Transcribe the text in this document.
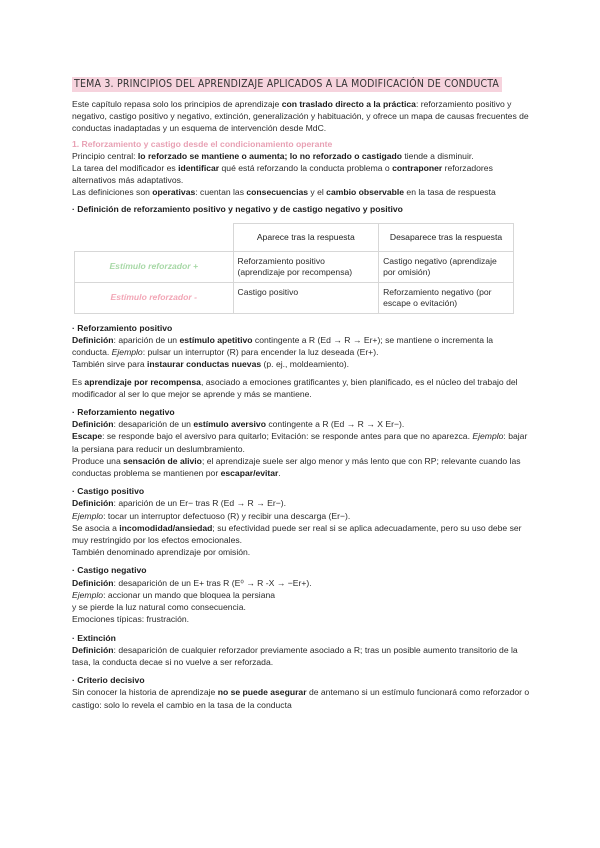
TEMA 3. PRINCIPIOS DEL APRENDIZAJE APLICADOS A LA MODIFICACIÓN DE CONDUCTA

Este capítulo repasa solo los principios de aprendizaje con traslado directo a la práctica: reforzamiento positivo y negativo, castigo positivo y negativo, extinción, generalización y habituación, y ofrece un mapa de causas frecuentes de conductas inadaptadas y un esquema de intervención desde MdC.

1. Reforzamiento y castigo desde el condicionamiento operante

Principio central: lo reforzado se mantiene o aumenta; lo no reforzado o castigado tiende a disminuir.

La tarea del modificador es identificar qué está reforzando la conducta problema o contraponer reforzadores alternativos más adaptativos.

Las definiciones son operativas: cuentan las consecuencias y el cambio observable en la tasa de respuesta

· Definición de reforzamiento positivo y negativo y de castigo negativo y positivo

	Aparece tras la respuesta	Desaparece tras la respuesta
Estímulo reforzador +	Reforzamiento positivo (aprendizaje por recompensa)	Castigo negativo (aprendizaje por omisión)
Estímulo reforzador -	Castigo positivo	Reforzamiento negativo (por escape o evitación)

· Reforzamiento positivo

Definición: aparición de un estímulo apetitivo contingente a R (Ed → R → Er+); se mantiene o incrementa la conducta. Ejemplo: pulsar un interruptor (R) para encender la luz deseada (Er+).

También sirve para instaurar conductas nuevas (p. ej., moldeamiento).

Es aprendizaje por recompensa, asociado a emociones gratificantes y, bien planificado, es el núcleo del trabajo del modificador al ser lo que mejor se aprende y más se mantiene.

· Reforzamiento negativo

Definición: desaparición de un estímulo aversivo contingente a R (Ed → R → X Er−).

Escape: se responde bajo el aversivo para quitarlo; Evitación: se responde antes para que no aparezca. Ejemplo: bajar la persiana para reducir un deslumbramiento.

Produce una sensación de alivio; el aprendizaje suele ser algo menor y más lento que con RP; relevante cuando las conductas problema se mantienen por escapar/evitar.

· Castigo positivo

Definición: aparición de un Er− tras R (Ed → R → Er−).

Ejemplo: tocar un interruptor defectuoso (R) y recibir una descarga (Er−).

Se asocia a incomodidad/ansiedad; su efectividad puede ser real si se aplica adecuadamente, pero su uso debe ser muy restringido por los efectos emocionales.

También denominado aprendizaje por omisión.

· Castigo negativo

Definición: desaparición de un E+ tras R (E⁰ → R -X → −Er+).

Ejemplo: accionar un mando que bloquea la persiana

y se pierde la luz natural como consecuencia.

Emociones típicas: frustración.

· Extinción

Definición: desaparición de cualquier reforzador previamente asociado a R; tras un posible aumento transitorio de la tasa, la conducta decae si no vuelve a ser reforzada.

· Criterio decisivo

Sin conocer la historia de aprendizaje no se puede asegurar de antemano si un estímulo funcionará como reforzador o castigo: solo lo revela el cambio en la tasa de la conducta
